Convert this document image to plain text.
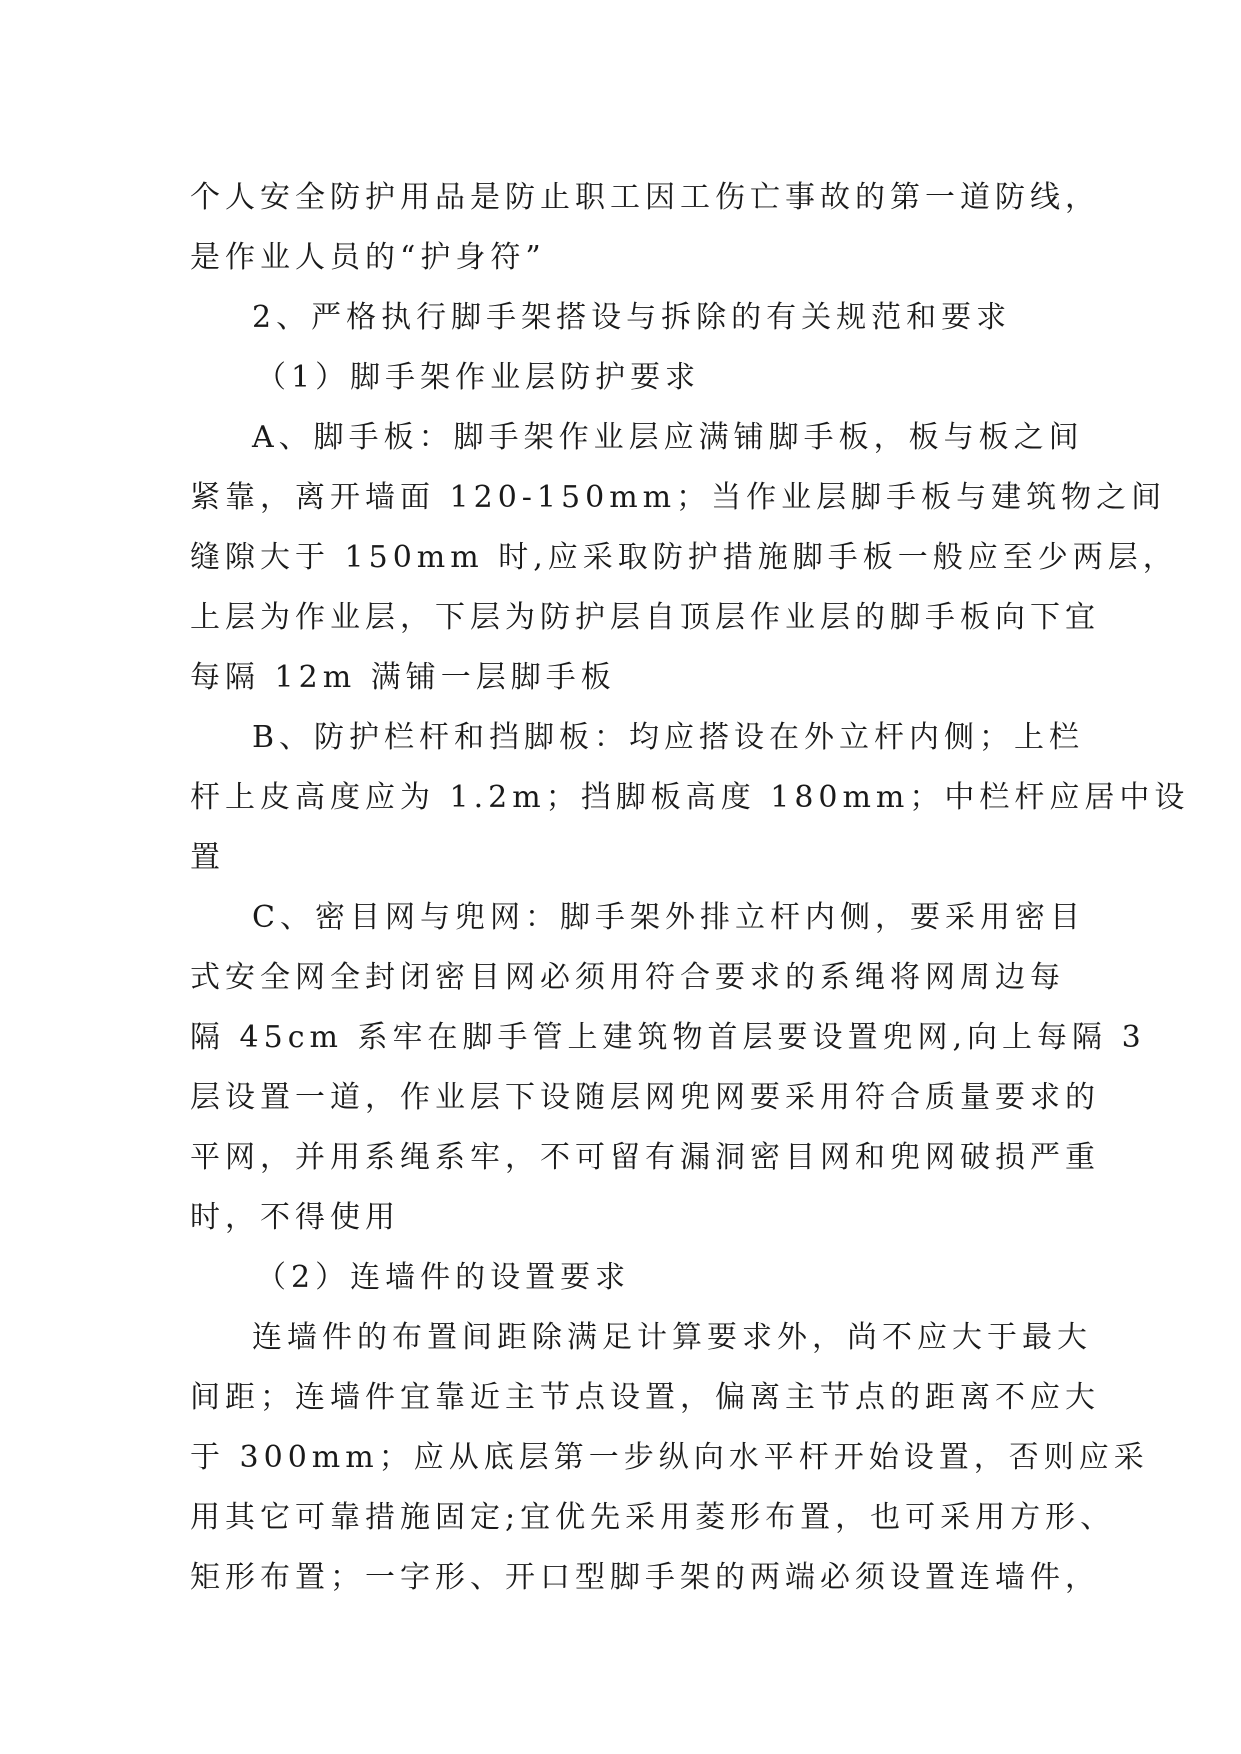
个人安全防护用品是防止职工因工伤亡事故的第一道防线，
是作业人员的“护身符”
2、严格执行脚手架搭设与拆除的有关规范和要求
（1）脚手架作业层防护要求
A、脚手板：脚手架作业层应满铺脚手板，板与板之间
紧靠，离开墙面 120-150mm；当作业层脚手板与建筑物之间
缝隙大于 150mm 时,应采取防护措施脚手板一般应至少两层，
上层为作业层，下层为防护层自顶层作业层的脚手板向下宜
每隔 12m 满铺一层脚手板
B、防护栏杆和挡脚板：均应搭设在外立杆内侧；上栏
杆上皮高度应为 1.2m；挡脚板高度 180mm；中栏杆应居中设
置
C、密目网与兜网：脚手架外排立杆内侧，要采用密目
式安全网全封闭密目网必须用符合要求的系绳将网周边每
隔 45cm 系牢在脚手管上建筑物首层要设置兜网,向上每隔 3
层设置一道，作业层下设随层网兜网要采用符合质量要求的
平网，并用系绳系牢，不可留有漏洞密目网和兜网破损严重
时，不得使用
（2）连墙件的设置要求
连墙件的布置间距除满足计算要求外，尚不应大于最大
间距；连墙件宜靠近主节点设置，偏离主节点的距离不应大
于 300mm；应从底层第一步纵向水平杆开始设置，否则应采
用其它可靠措施固定;宜优先采用菱形布置，也可采用方形、
矩形布置；一字形、开口型脚手架的两端必须设置连墙件，
